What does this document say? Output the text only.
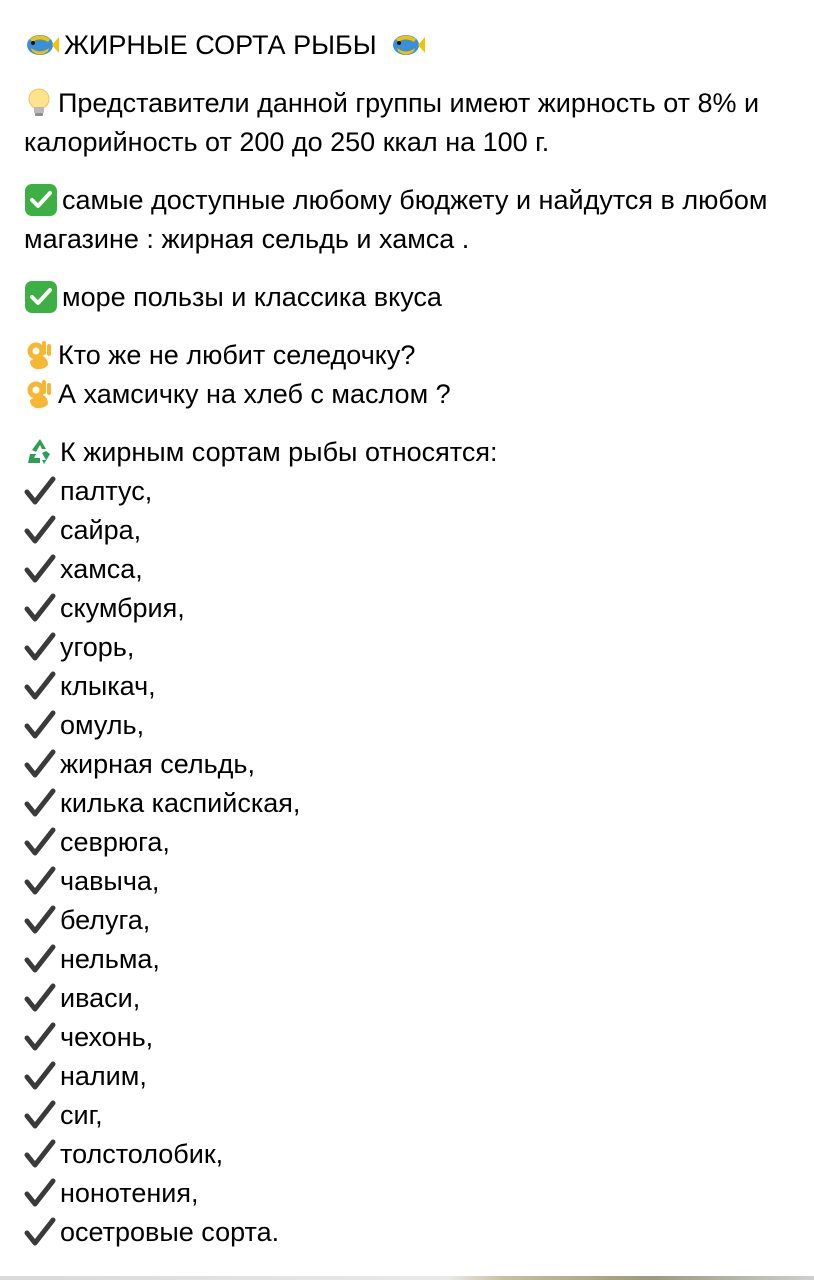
ЖИРНЫЕ СОРТА РЫБЫ
Представители данной группы имеют жирность от 8% и калорийность от 200 до 250 ккал на 100 г.
самые доступные любому бюджету и найдутся в любом магазине : жирная сельдь и хамса .
море пользы и классика вкуса
Кто же не любит селедочку?
А хамсичку на хлеб с маслом ?
К жирным сортам рыбы относятся:
палтус,
сайра,
хамса,
скумбрия,
угорь,
клыкач,
омуль,
жирная сельдь,
килька каспийская,
севрюга,
чавыча,
белуга,
нельма,
иваси,
чехонь,
налим,
сиг,
толстолобик,
нонотения,
осетровые сорта.
